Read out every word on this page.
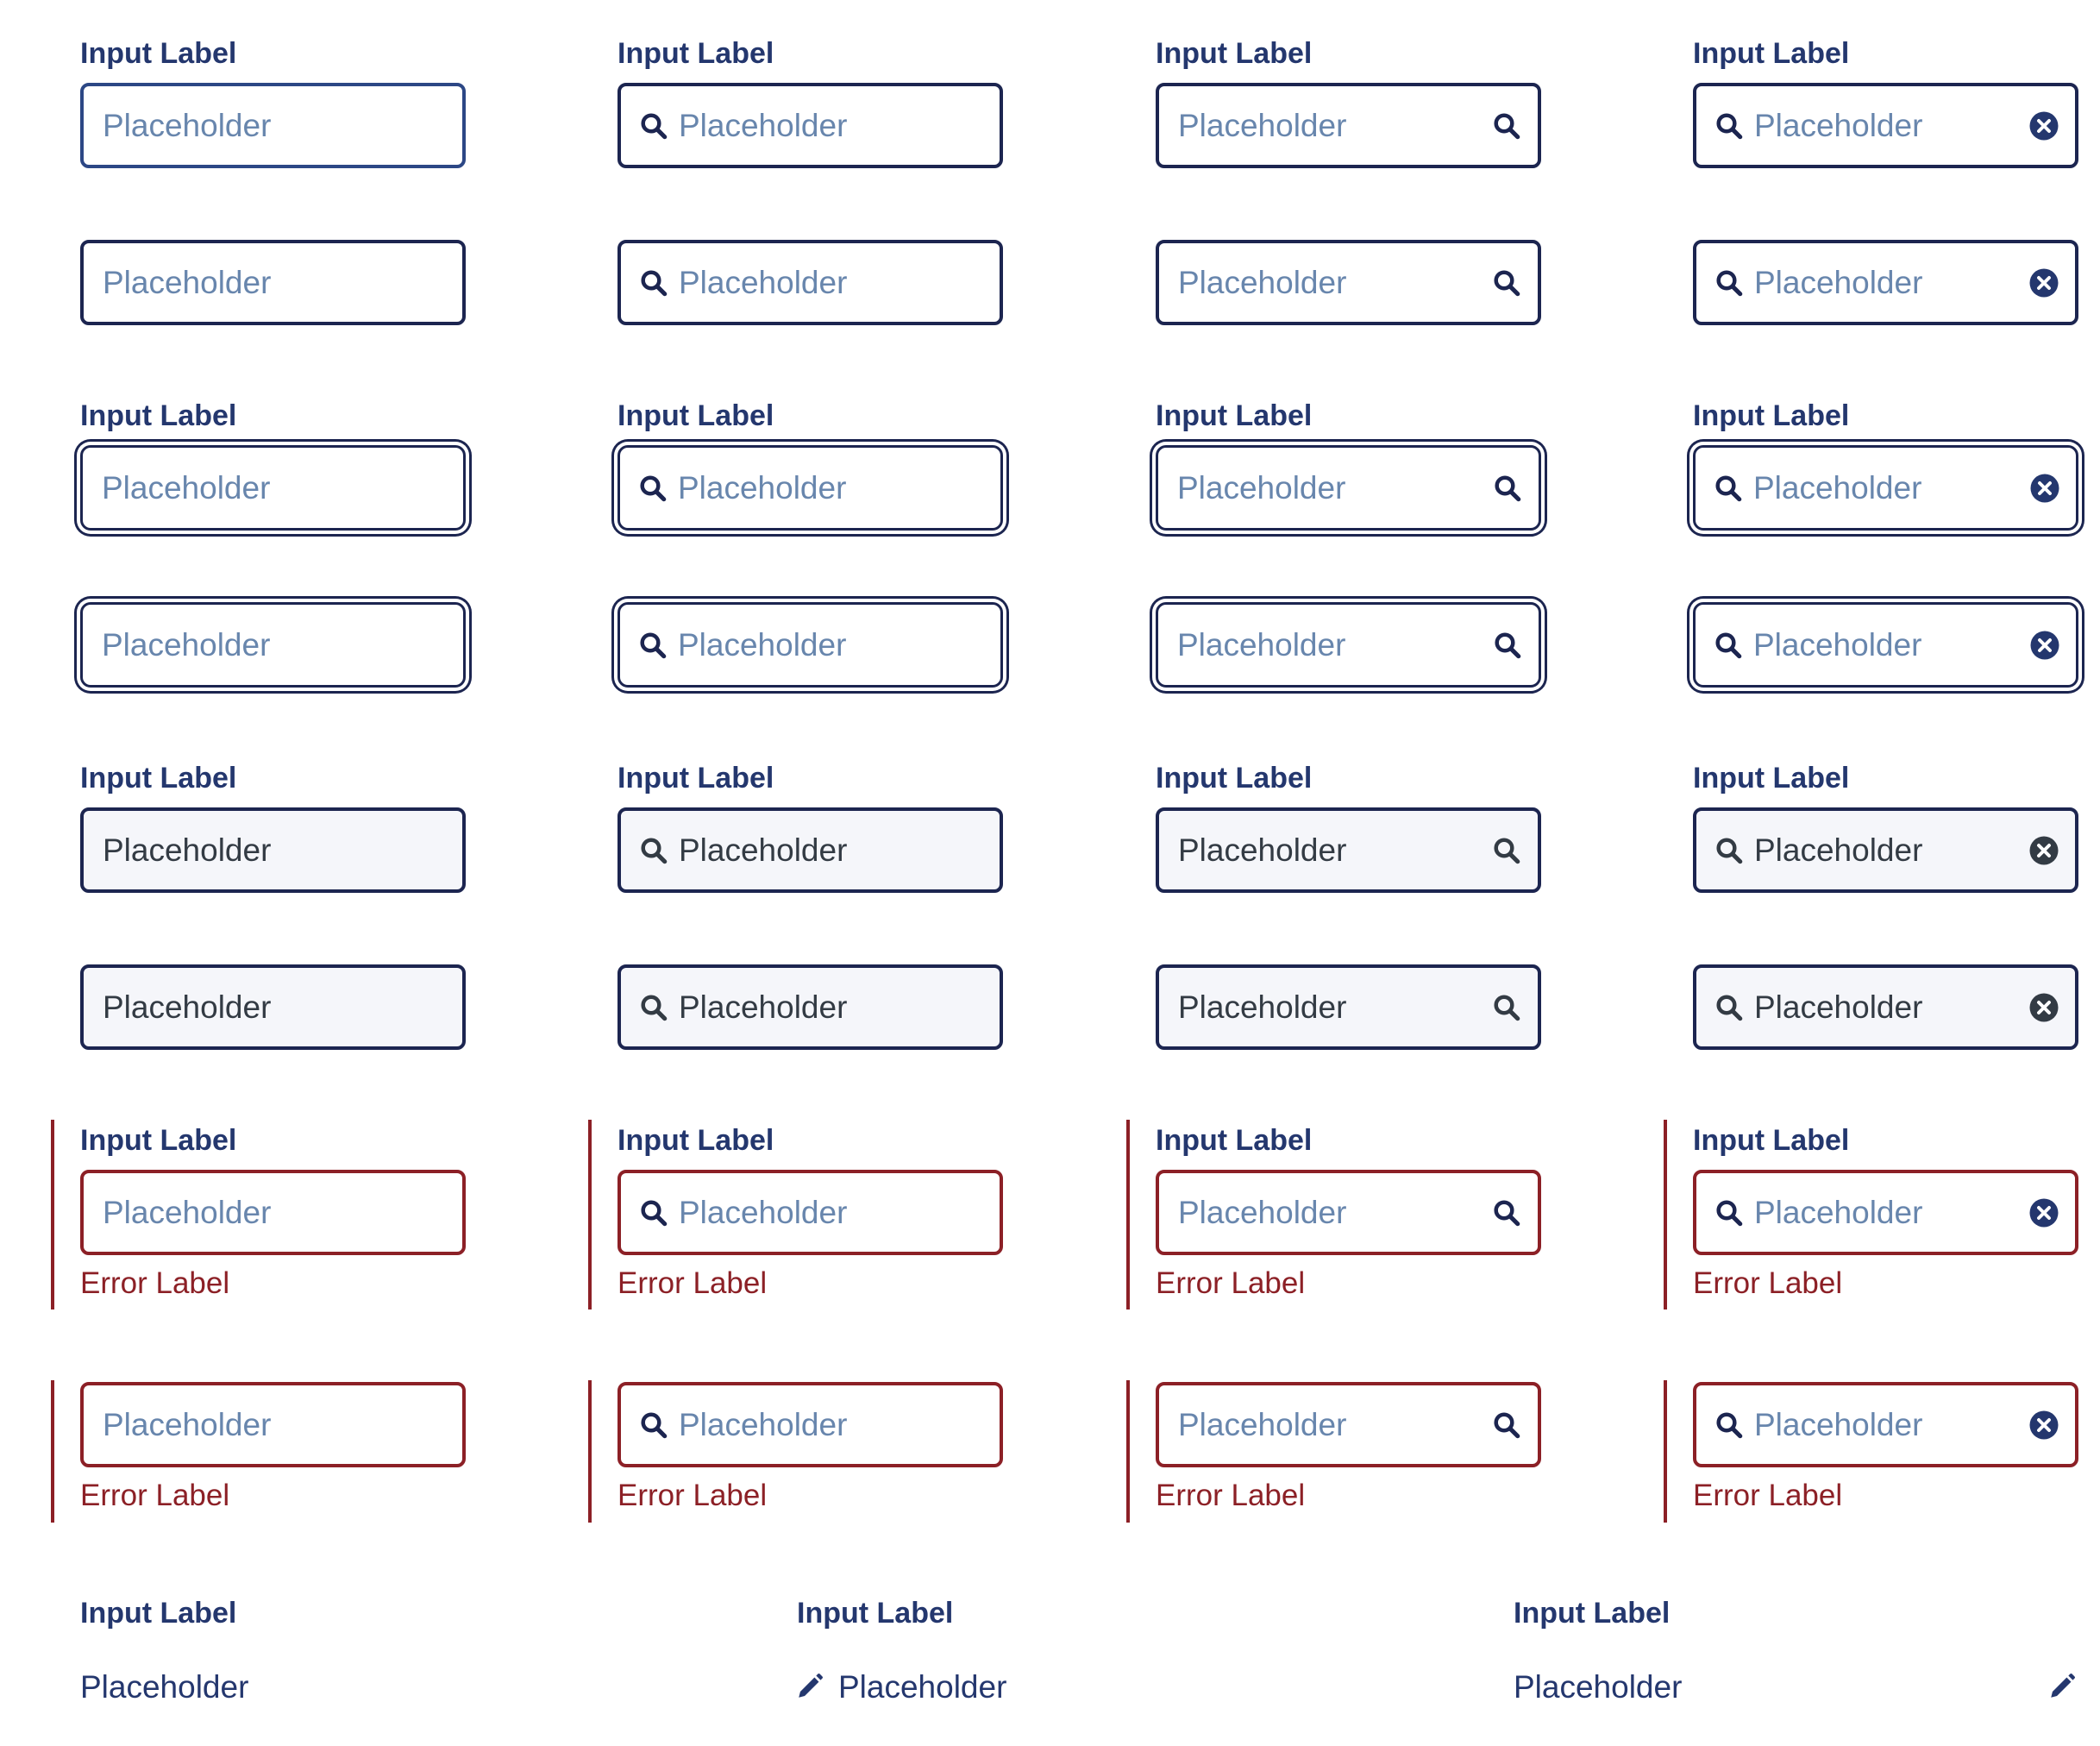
Input Label	Input Label	Input Label	Input Label
Placeholder	Placeholder	Placeholder	Placeholder
Placeholder	Placeholder	Placeholder	Placeholder
Input Label	Input Label	Input Label	Input Label
Placeholder	Placeholder	Placeholder	Placeholder
Placeholder	Placeholder	Placeholder	Placeholder
Input Label	Input Label	Input Label	Input Label
Placeholder	Placeholder	Placeholder	Placeholder
Placeholder	Placeholder	Placeholder	Placeholder
Input Label	Input Label	Input Label	Input Label
Placeholder	Placeholder	Placeholder	Placeholder
Error Label	Error Label	Error Label	Error Label
Placeholder	Placeholder	Placeholder	Placeholder
Error Label	Error Label	Error Label	Error Label
Input Label
Placeholder
Input Label
Placeholder
Input Label
Placeholder
